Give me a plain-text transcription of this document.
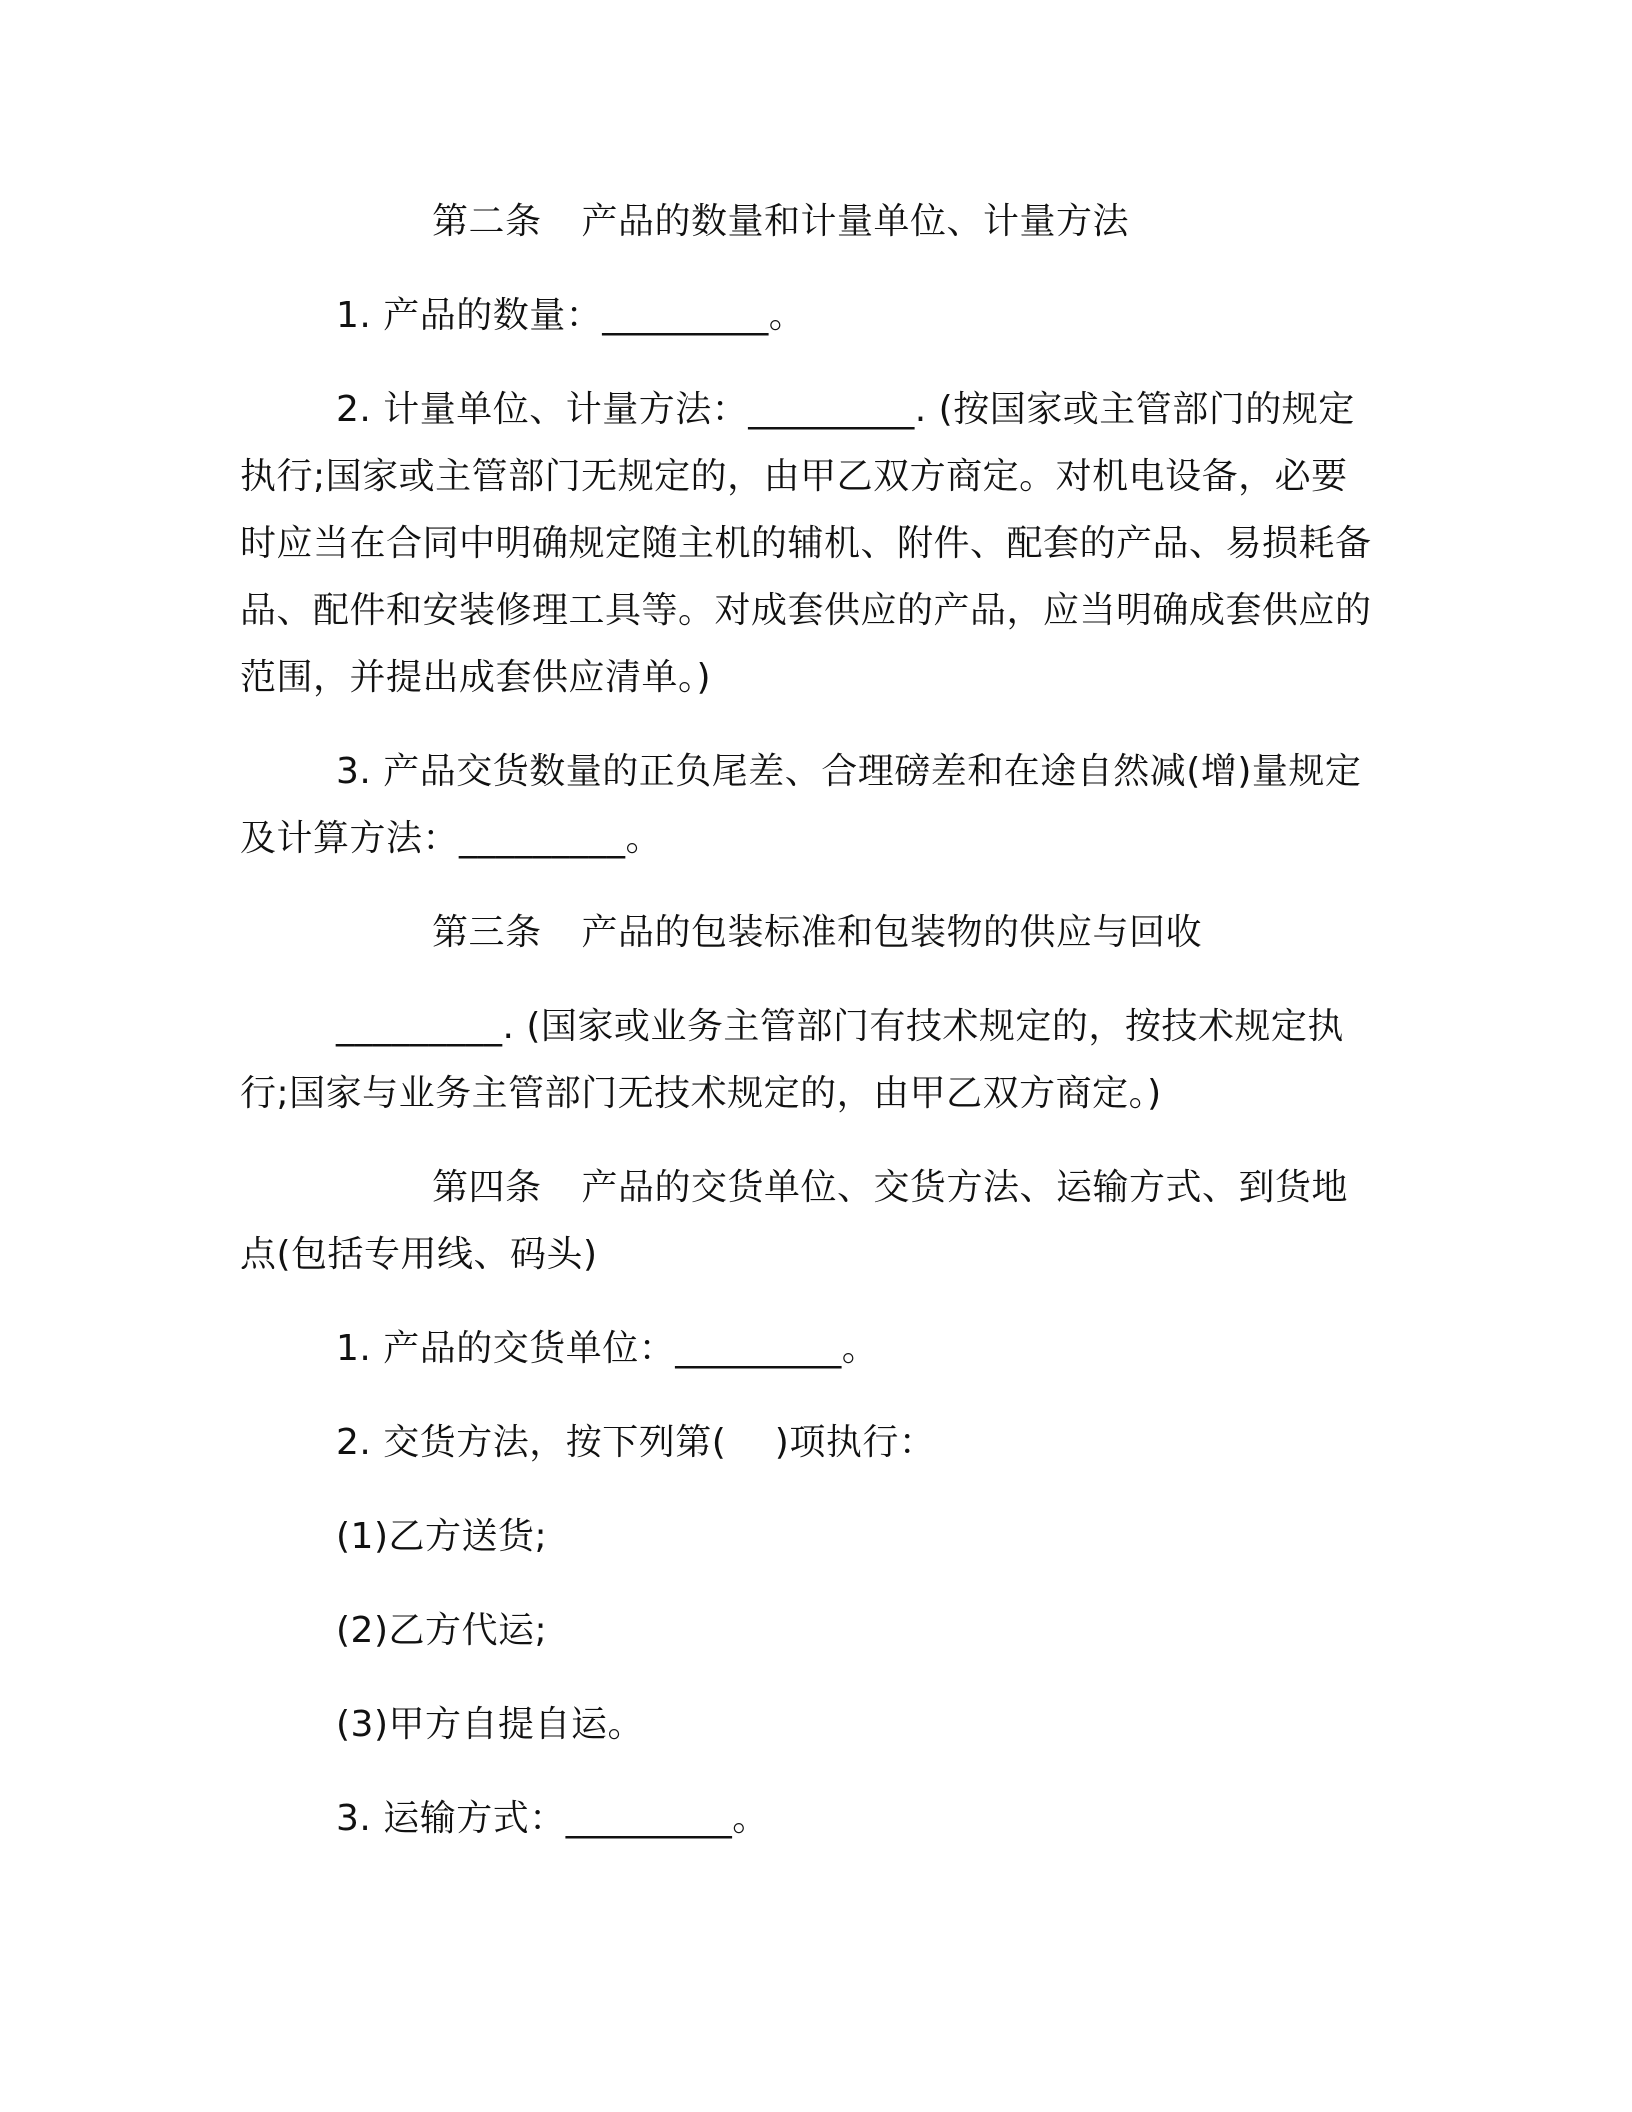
第二条 产品的数量和计量单位、计量方法

1. 产品的数量：_________。

2. 计量单位、计量方法：_________. (按国家或主管部门的规定执行;国家或主管部门无规定的，由甲乙双方商定。对机电设备，必要时应当在合同中明确规定随主机的辅机、附件、配套的产品、易损耗备品、配件和安装修理工具等。对成套供应的产品，应当明确成套供应的范围，并提出成套供应清单。)

3. 产品交货数量的正负尾差、合理磅差和在途自然减(增)量规定及计算方法：_________。

第三条 产品的包装标准和包装物的供应与回收

_________. (国家或业务主管部门有技术规定的，按技术规定执行;国家与业务主管部门无技术规定的，由甲乙双方商定。)

第四条 产品的交货单位、交货方法、运输方式、到货地点(包括专用线、码头)

1. 产品的交货单位：_________。

2. 交货方法，按下列第(　 )项执行：

(1)乙方送货;

(2)乙方代运;

(3)甲方自提自运。

3. 运输方式：_________。
